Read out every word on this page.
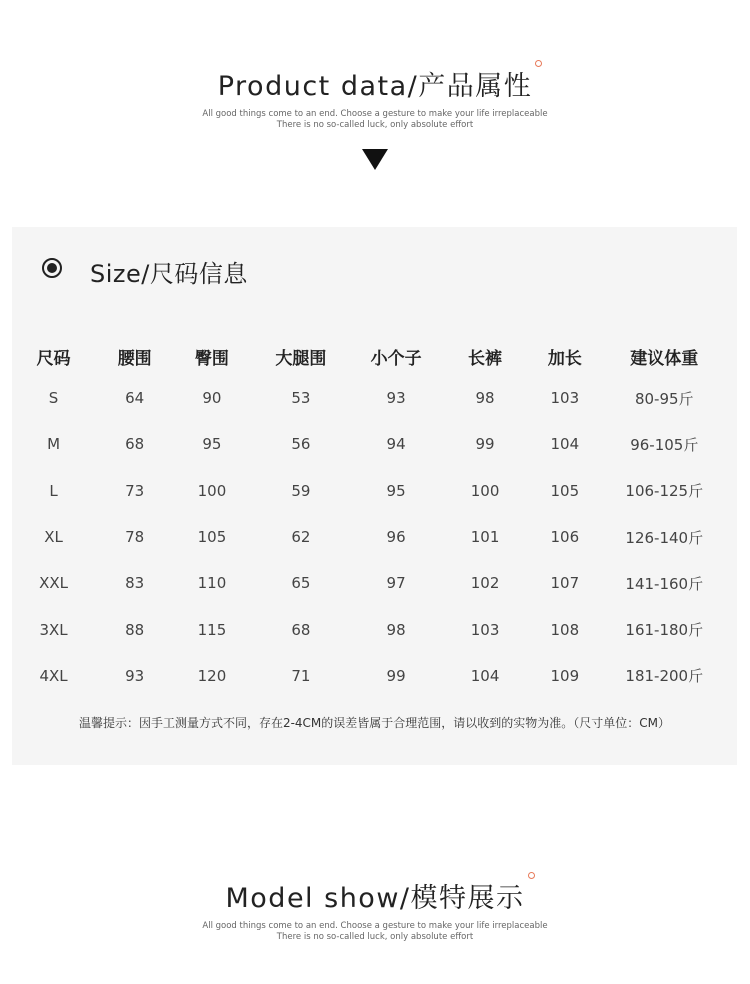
Product data/产品属性
All good things come to an end. Choose a gesture to make your life irreplaceable
There is no so-called luck, only absolute effort
Size/尺码信息
尺码	腰围	臀围	大腿围	小个子	长裤	加长	建议体重
S	64	90	53	93	98	103	80-95斤
M	68	95	56	94	99	104	96-105斤
L	73	100	59	95	100	105	106-125斤
XL	78	105	62	96	101	106	126-140斤
XXL	83	110	65	97	102	107	141-160斤
3XL	88	115	68	98	103	108	161-180斤
4XL	93	120	71	99	104	109	181-200斤
温馨提示：因手工测量方式不同，存在2-4CM的误差皆属于合理范围，请以收到的实物为准。（尺寸单位：CM）
Model show/模特展示
All good things come to an end. Choose a gesture to make your life irreplaceable
There is no so-called luck, only absolute effort
